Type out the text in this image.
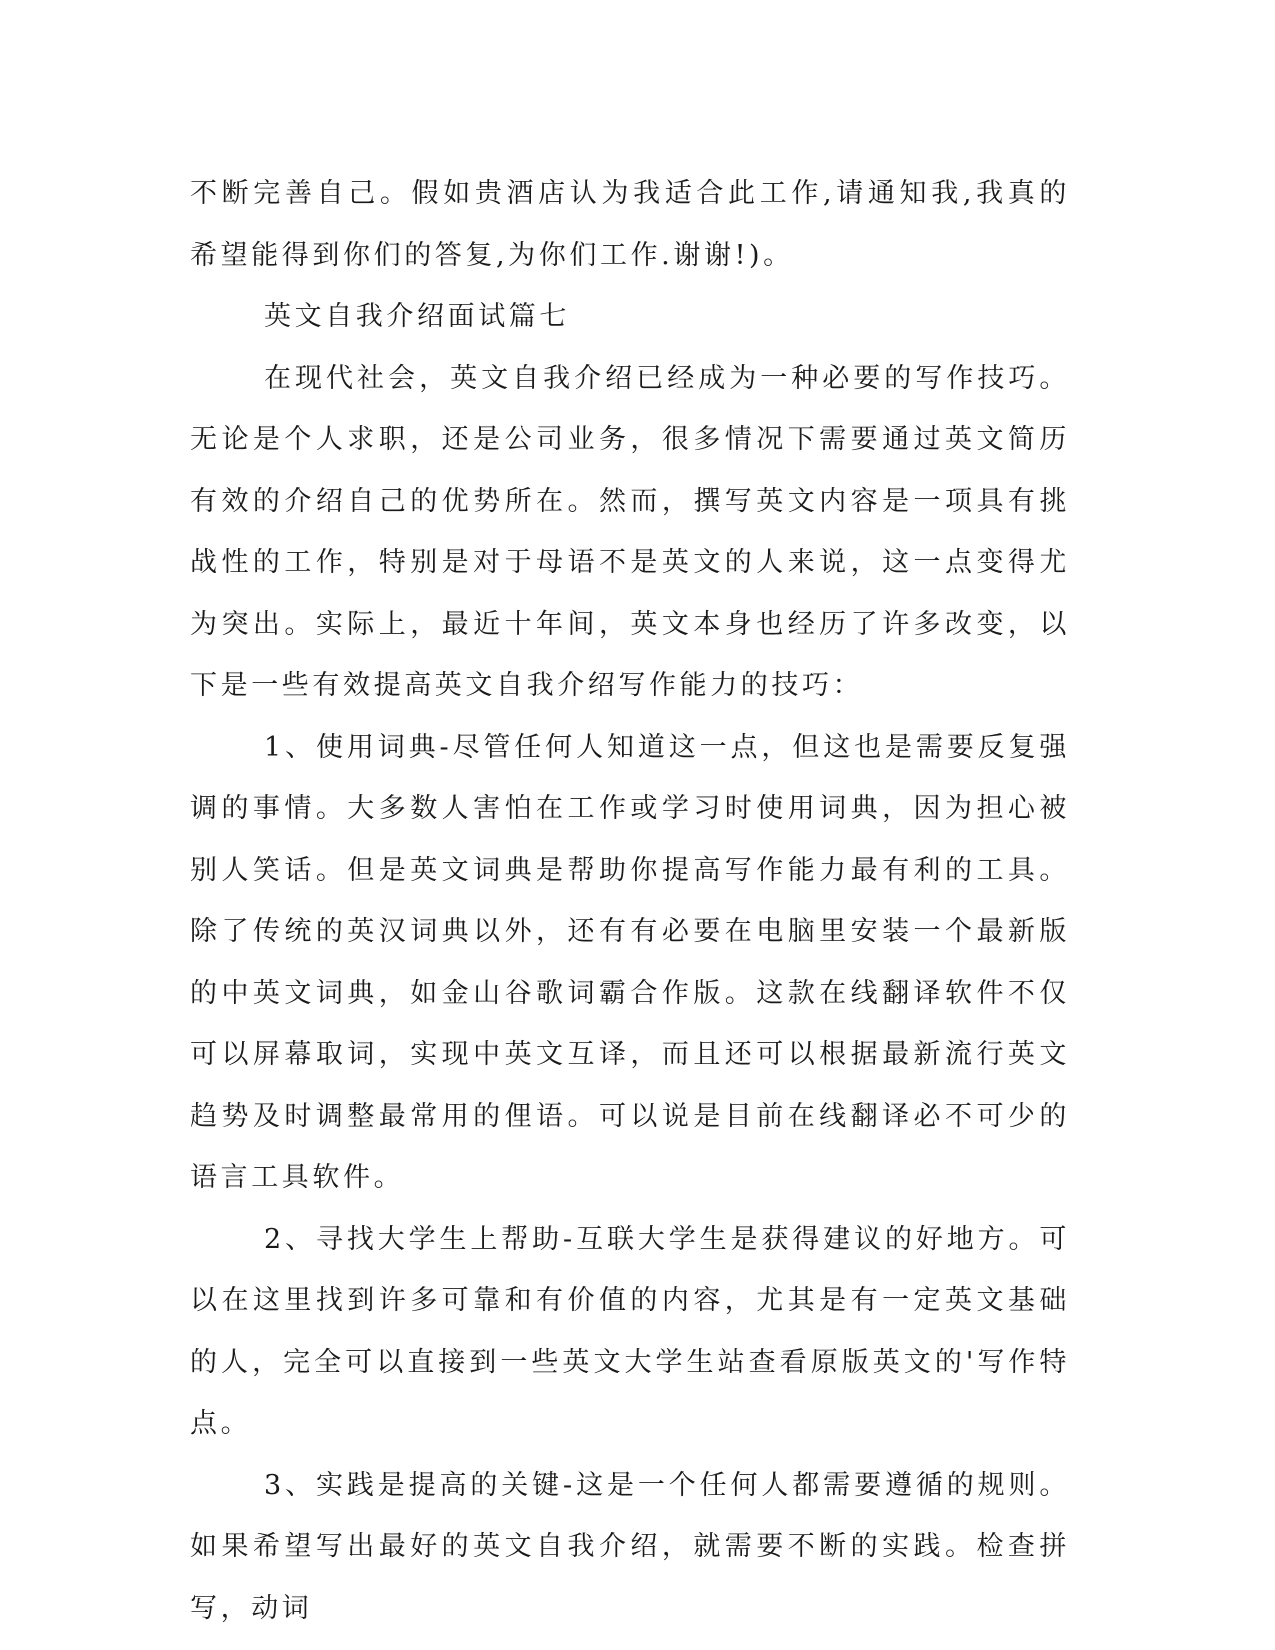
不断完善自己。假如贵酒店认为我适合此工作,请通知我,我真的希望能得到你们的答复,为你们工作.谢谢!)。

英文自我介绍面试篇七

在现代社会，英文自我介绍已经成为一种必要的写作技巧。无论是个人求职，还是公司业务，很多情况下需要通过英文简历有效的介绍自己的优势所在。然而，撰写英文内容是一项具有挑战性的工作，特别是对于母语不是英文的人来说，这一点变得尤为突出。实际上，最近十年间，英文本身也经历了许多改变，以下是一些有效提高英文自我介绍写作能力的技巧：

1、使用词典-尽管任何人知道这一点，但这也是需要反复强调的事情。大多数人害怕在工作或学习时使用词典，因为担心被别人笑话。但是英文词典是帮助你提高写作能力最有利的工具。除了传统的英汉词典以外，还有有必要在电脑里安装一个最新版的中英文词典，如金山谷歌词霸合作版。这款在线翻译软件不仅可以屏幕取词，实现中英文互译，而且还可以根据最新流行英文趋势及时调整最常用的俚语。可以说是目前在线翻译必不可少的语言工具软件。

2、寻找大学生上帮助-互联大学生是获得建议的好地方。可以在这里找到许多可靠和有价值的内容，尤其是有一定英文基础的人，完全可以直接到一些英文大学生站查看原版英文的'写作特点。

3、实践是提高的关键-这是一个任何人都需要遵循的规则。如果希望写出最好的英文自我介绍，就需要不断的实践。检查拼写，动词
